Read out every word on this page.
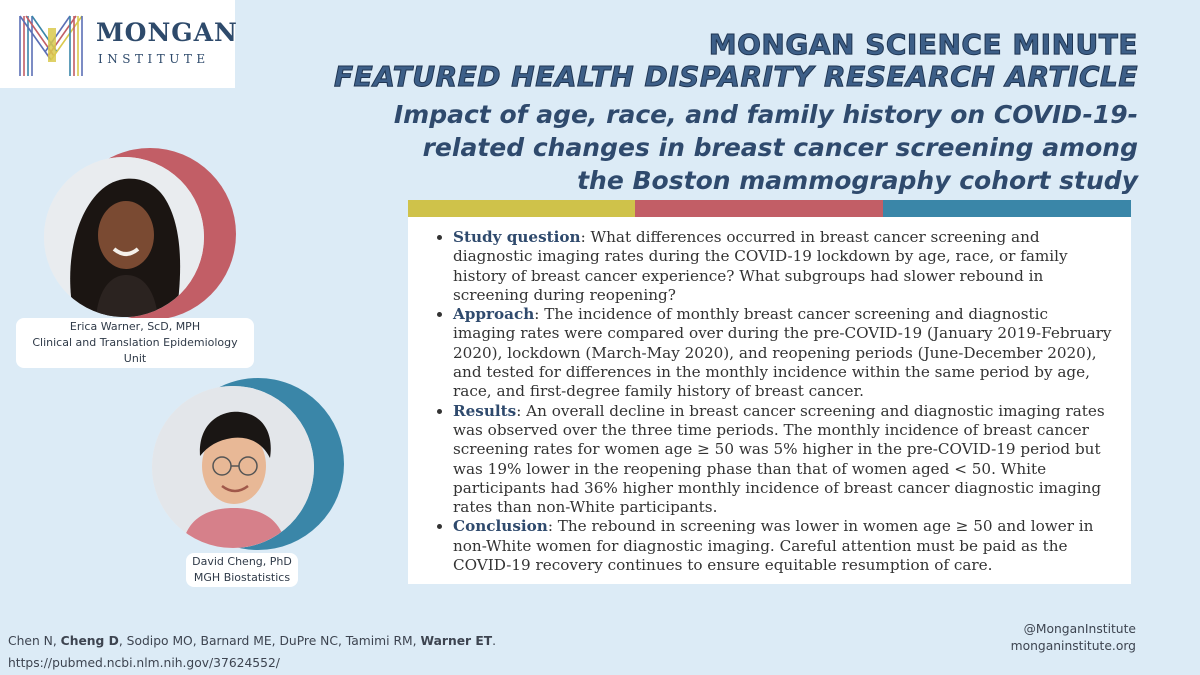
MONGAN
INSTITUTE	MONGAN SCIENCE MINUTE
FEATURED HEALTH DISPARITY RESEARCH ARTICLE
Impact of age, race, and family history on COVID-19-related changes in breast cancer screening among the Boston mammography cohort study
• Study question: What differences occurred in breast cancer screening and diagnostic imaging rates during the COVID-19 lockdown by age, race, or family history of breast cancer experience? What subgroups had slower rebound in screening during reopening?
• Approach: The incidence of monthly breast cancer screening and diagnostic imaging rates were compared over during the pre-COVID-19 (January 2019-February 2020), lockdown (March-May 2020), and reopening periods (June-December 2020), and tested for differences in the monthly incidence within the same period by age, race, and first-degree family history of breast cancer.
• Results: An overall decline in breast cancer screening and diagnostic imaging rates was observed over the three time periods. The monthly incidence of breast cancer screening rates for women age ≥ 50 was 5% higher in the pre-COVID-19 period but was 19% lower in the reopening phase than that of women aged < 50. White participants had 36% higher monthly incidence of breast cancer diagnostic imaging rates than non-White participants.
• Conclusion: The rebound in screening was lower in women age ≥ 50 and lower in non-White women for diagnostic imaging. Careful attention must be paid as the COVID-19 recovery continues to ensure equitable resumption of care.
Erica Warner, ScD, MPH
Clinical and Translation Epidemiology Unit
David Cheng, PhD
MGH Biostatistics
Chen N, Cheng D, Sodipo MO, Barnard ME, DuPre NC, Tamimi RM, Warner ET.
https://pubmed.ncbi.nlm.nih.gov/37624552/
@MonganInstitute
monganinstitute.org
